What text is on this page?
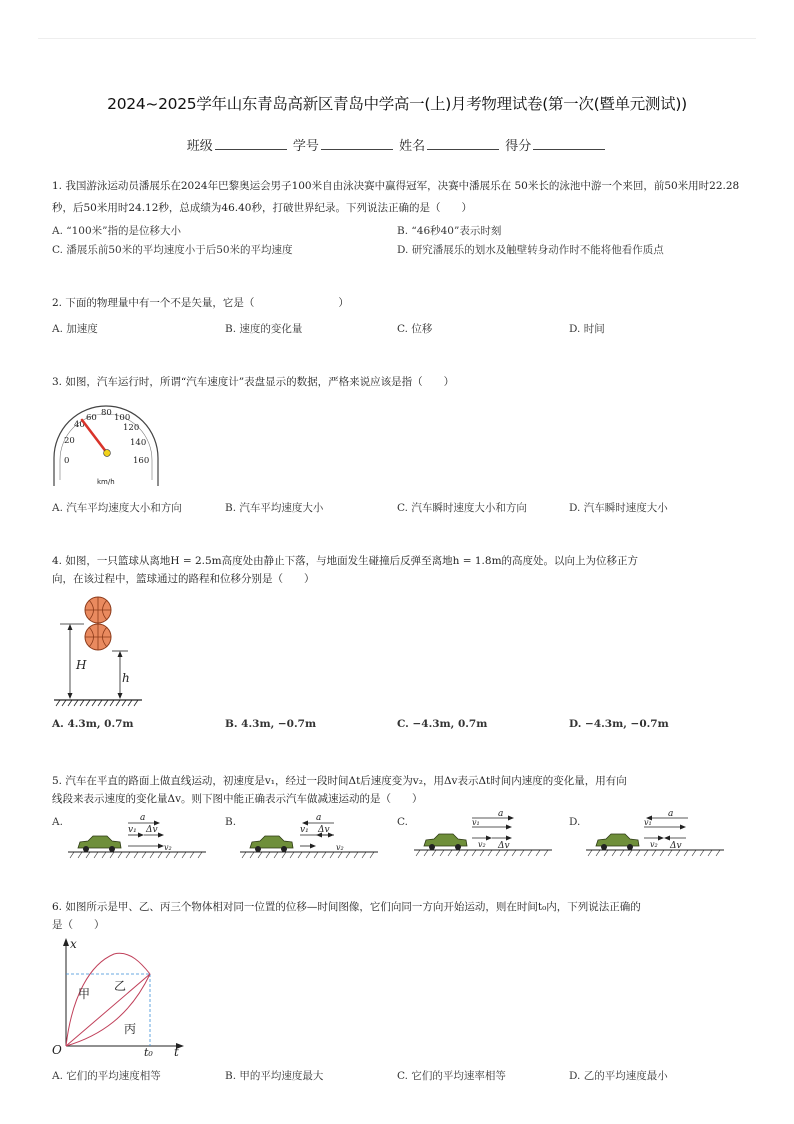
2024~2025学年山东青岛高新区青岛中学高一(上)月考物理试卷(第一次(暨单元测试))
班级	学号	姓名	得分
1. 我国游泳运动员潘展乐在2024年巴黎奥运会男子100米自由泳决赛中赢得冠军，决赛中潘展乐在 50米长的泳池中游一个来回，前50米用时22.28秒，后50米用时24.12秒，总成绩为46.40秒，打破世界纪录。下列说法正确的是（　　）
A. “100米”指的是位移大小	B. “46秒40”表示时刻
C. 潘展乐前50米的平均速度小于后50米的平均速度	D. 研究潘展乐的划水及触壁转身动作时不能将他看作质点
2. 下面的物理量中有一个不是矢量，它是（　　　　　　　　）
A. 加速度	B. 速度的变化量	C. 位移	D. 时间
3. 如图，汽车运行时，所谓“汽车速度计”表盘显示的数据，严格来说应该是指（　　）
0
20
40
60 80 100
120
140
160
km/h
A. 汽车平均速度大小和方向	B. 汽车平均速度大小	C. 汽车瞬时速度大小和方向	D. 汽车瞬时速度大小
4. 如图，一只篮球从离地H = 2.5m高度处由静止下落，与地面发生碰撞后反弹至离地h = 1.8m的高度处。以向上为位移正方
向，在该过程中，篮球通过的路程和位移分别是（　　）
H
h
A. 4.3m, 0.7m	B. 4.3m, −0.7m	C. −4.3m, 0.7m	D. −4.3m, −0.7m
5. 汽车在平直的路面上做直线运动，初速度是v₁，经过一段时间Δt后速度变为v₂，用Δv表示Δt时间内速度的变化量，用有向
线段来表示速度的变化量Δv。则下图中能正确表示汽车做减速运动的是（　　）
A.	a
v₁ Δv
v₂
B.	a
v₁ Δv
v₂
C.
a
v₁
v₂ Δv
D.
a
v₁
v₂ Δv
6. 如图所示是甲、乙、丙三个物体相对同一位置的位移—时间图像，它们向同一方向开始运动，则在时间t₀内，下列说法正确的
是（　　）
x
t
O	t₀
甲
乙
丙
A. 它们的平均速度相等	B. 甲的平均速度最大	C. 它们的平均速率相等	D. 乙的平均速度最小
